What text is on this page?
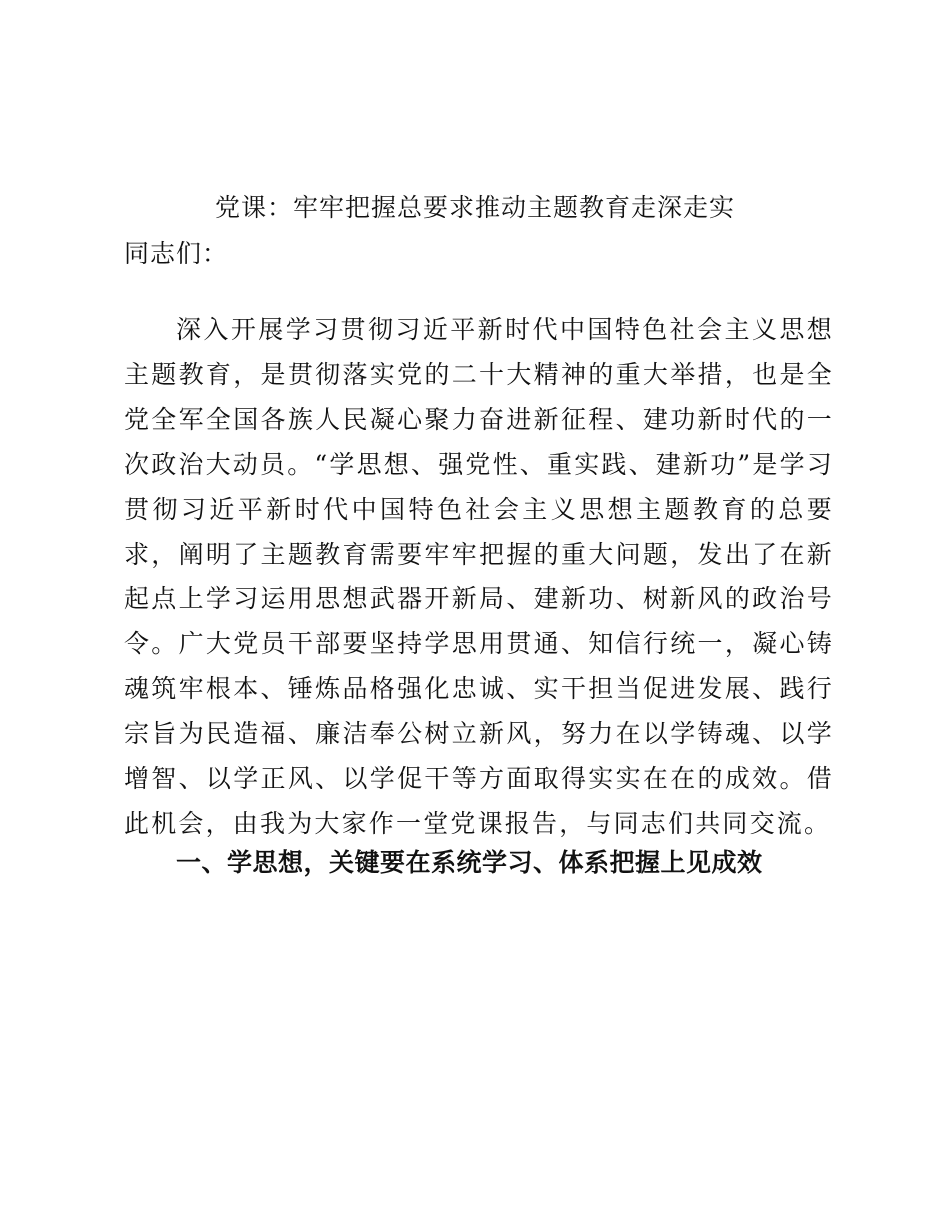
党课：牢牢把握总要求推动主题教育走深走实
同志们：

深入开展学习贯彻习近平新时代中国特色社会主义思想主题教育，是贯彻落实党的二十大精神的重大举措，也是全党全军全国各族人民凝心聚力奋进新征程、建功新时代的一次政治大动员。“学思想、强党性、重实践、建新功”是学习贯彻习近平新时代中国特色社会主义思想主题教育的总要求，阐明了主题教育需要牢牢把握的重大问题，发出了在新起点上学习运用思想武器开新局、建新功、树新风的政治号令。广大党员干部要坚持学思用贯通、知信行统一，凝心铸魂筑牢根本、锤炼品格强化忠诚、实干担当促进发展、践行宗旨为民造福、廉洁奉公树立新风，努力在以学铸魂、以学增智、以学正风、以学促干等方面取得实实在在的成效。借此机会，由我为大家作一堂党课报告，与同志们共同交流。

一、学思想，关键要在系统学习、体系把握上见成效
